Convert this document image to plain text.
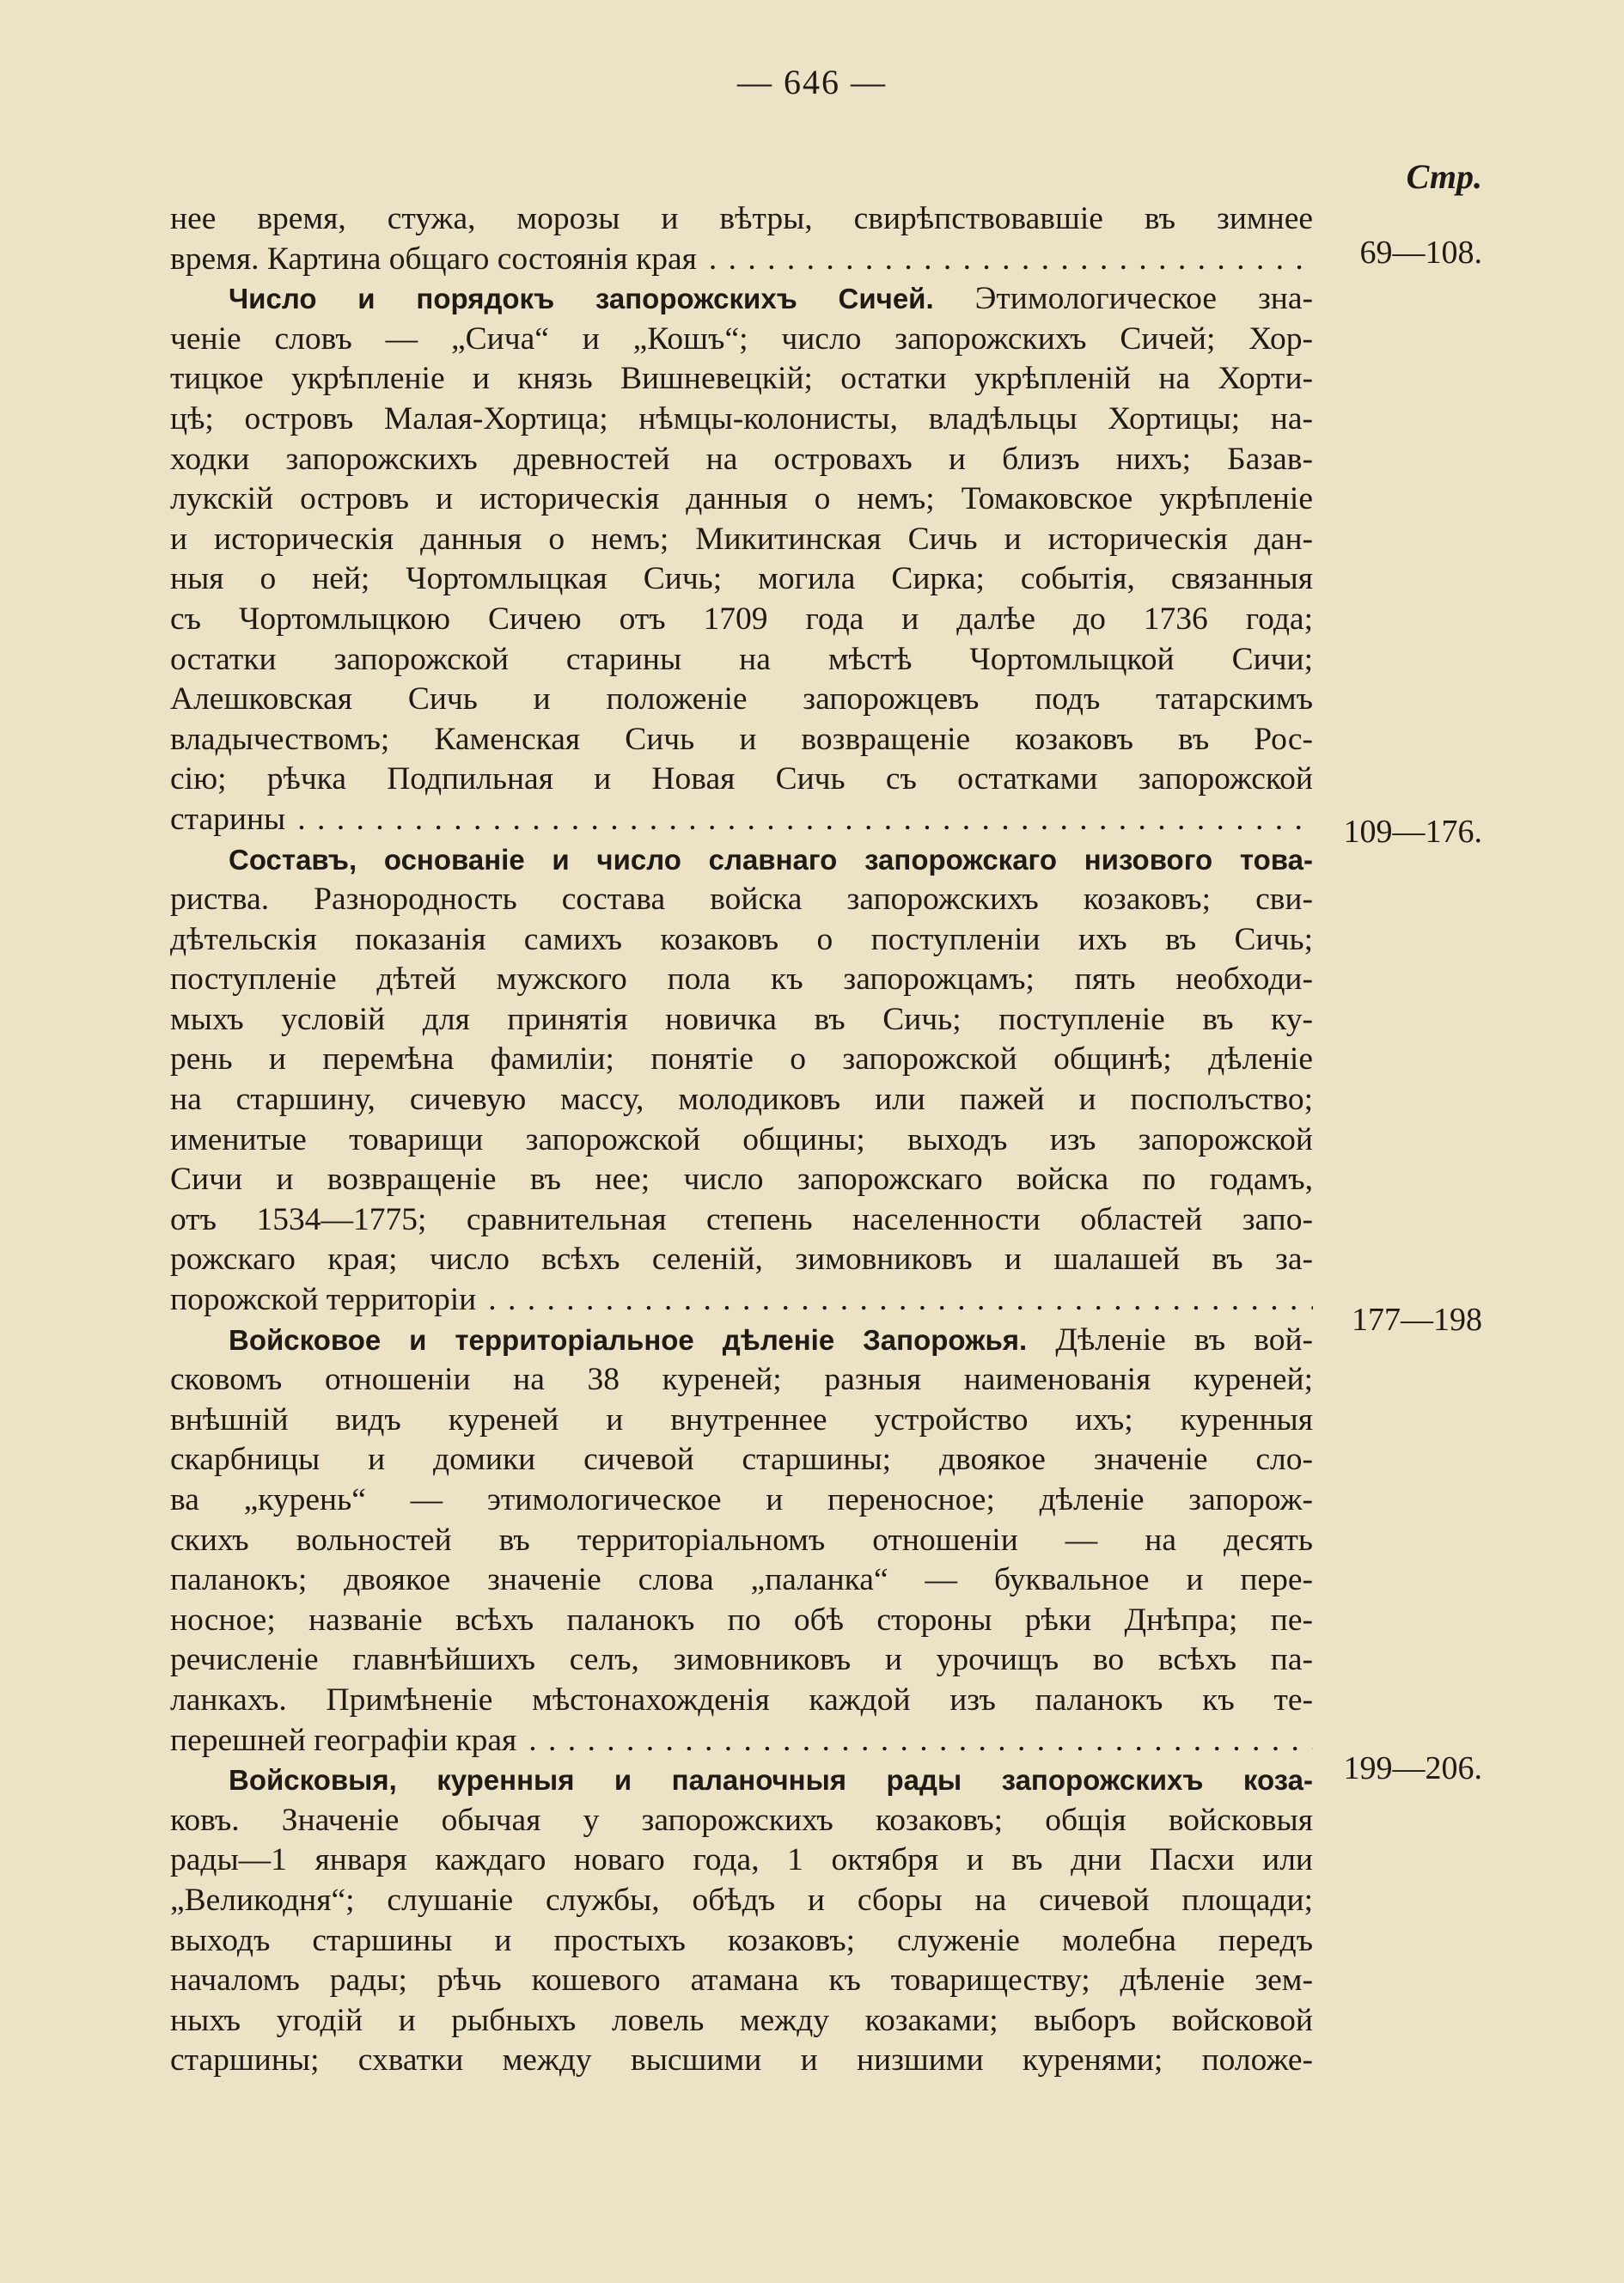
— 646 —
Стр.
нее время, стужа, морозы и вѣтры, свирѣпствовавшіе въ зимнее
время. Картина общаго состоянія края
. . .
Число и порядокъ запорожскихъ Сичей. Этимологическое зна-
ченіе словъ — „Сича“ и „Кошъ“; число запорожскихъ Сичей; Хор-
тицкое укрѣпленіе и князь Вишневецкій; остатки укрѣпленій на Хорти-
цѣ; островъ Малая-Хортица; нѣмцы-колонисты, владѣльцы Хортицы; на-
ходки запорожскихъ древностей на островахъ и близъ нихъ; Базав-
лукскій островъ и историческія данныя о немъ; Томаковское укрѣпленіе
и историческія данныя о немъ; Микитинская Сичь и историческія дан-
ныя о ней; Чортомлыцкая Сичь; могила Сирка; событія, связанныя
съ Чортомлыцкою Сичею отъ 1709 года и далѣе до 1736 года;
остатки запорожской старины на мѣстѣ Чортомлыцкой Сичи;
Алешковская Сичь и положеніе запорожцевъ подъ татарскимъ
владычествомъ; Каменская Сичь и возвращеніе козаковъ въ Рос-
сію; рѣчка Подпильная и Новая Сичь съ остатками запорожской
старины
. . .
Составъ, основаніе и число славнаго запорожскаго низового това-
риства. Разнородность состава войска запорожскихъ козаковъ; сви-
дѣтельскія показанія самихъ козаковъ о поступленіи ихъ въ Сичь;
поступленіе дѣтей мужского пола къ запорожцамъ; пять необходи-
мыхъ условій для принятія новичка въ Сичь; поступленіе въ ку-
рень и перемѣна фамиліи; понятіе о запорожской общинѣ; дѣленіе
на старшину, сичевую массу, молодиковъ или пажей и посполъство;
именитые товарищи запорожской общины; выходъ изъ запорожской
Сичи и возвращеніе въ нее; число запорожскаго войска по годамъ,
отъ 1534—1775; сравнительная степень населенности областей запо-
рожскаго края; число всѣхъ селеній, зимовниковъ и шалашей въ за-
порожской территоріи
. . .
Войсковое и территоріальное дѣленіе Запорожья. Дѣленіе въ вой-
сковомъ отношеніи на 38 куреней; разныя наименованія куреней;
внѣшній видъ куреней и внутреннее устройство ихъ; куренныя
скарбницы и домики сичевой старшины; двоякое значеніе сло-
ва „курень“ — этимологическое и переносное; дѣленіе запорож-
скихъ вольностей въ территоріальномъ отношеніи — на десять
паланокъ; двоякое значеніе слова „паланка“ — буквальное и пере-
носное; названіе всѣхъ паланокъ по обѣ стороны рѣки Днѣпра; пе-
речисленіе главнѣйшихъ селъ, зимовниковъ и урочищъ во всѣхъ па-
ланкахъ. Примѣненіе мѣстонахожденія каждой изъ паланокъ къ те-
перешней географіи края
. . .
Войсковыя, куренныя и паланочныя рады запорожскихъ коза-
ковъ. Значеніе обычая у запорожскихъ козаковъ; общія войсковыя
рады—1 января каждаго новаго года, 1 октября и въ дни Пасхи или
„Великодня“; слушаніе службы, обѣдъ и сборы на сичевой площади;
выходъ старшины и простыхъ козаковъ; служеніе молебна передъ
началомъ рады; рѣчь кошевого атамана къ товариществу; дѣленіе зем-
ныхъ угодій и рыбныхъ ловель между козаками; выборъ войсковой
старшины; схватки между высшими и низшими куренями; положе-
69—108.
109—176.
177—198
199—206.
